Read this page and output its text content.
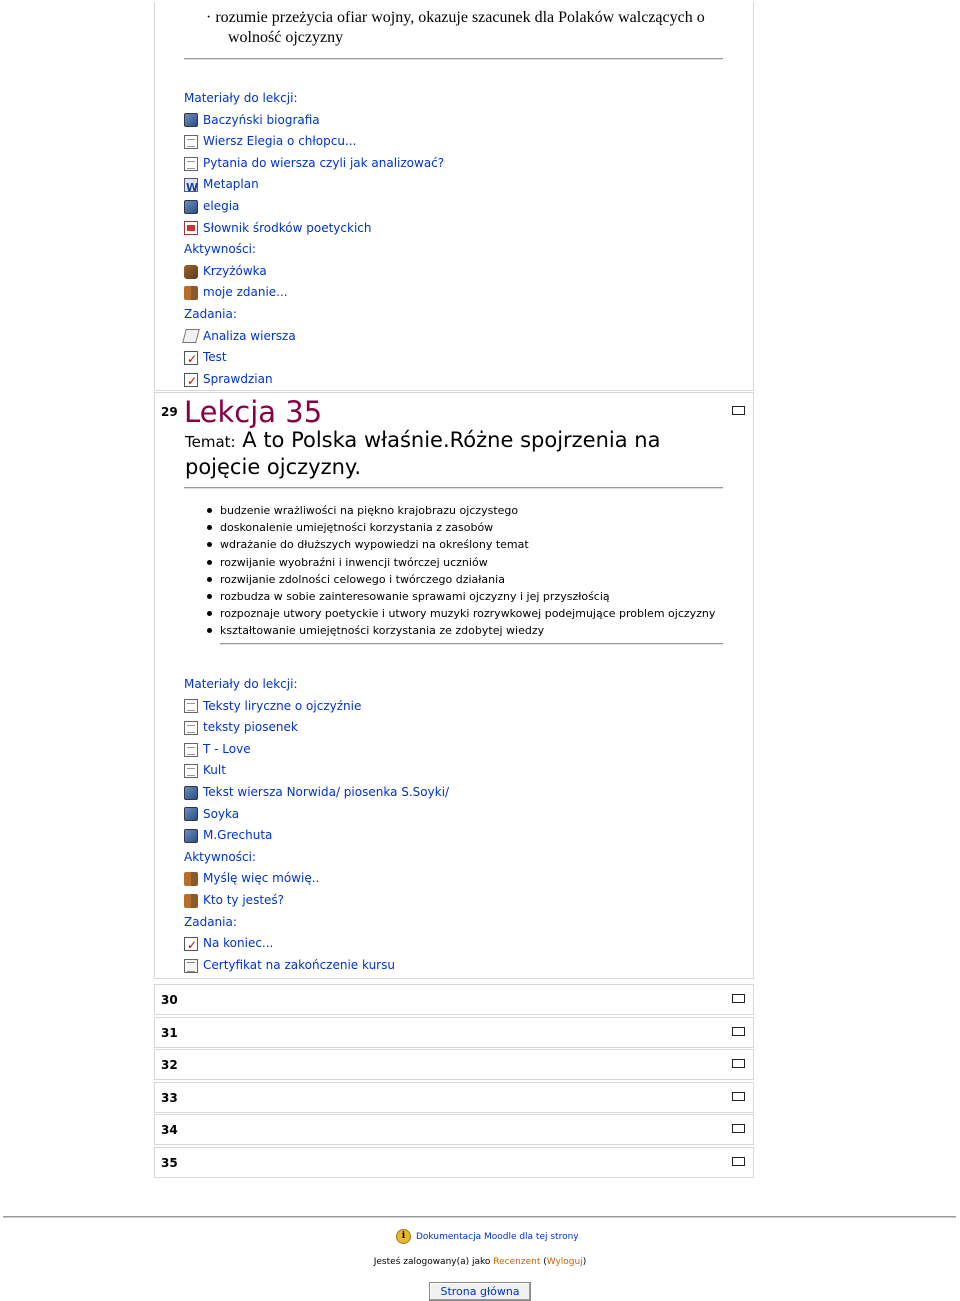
· rozumie przeżycia ofiar wojny, okazuje szacunek dla Polaków walczących o
wolność ojczyzny
Materiały do lekcji:
Baczyński biografia
Wiersz Elegia o chłopcu...
Pytania do wiersza czyli jak analizować?
W
Metaplan
elegia
Słownik środków poetyckich
Aktywności:
Krzyżówka
moje zdanie...
Zadania:
Analiza wiersza
✓
Test
✓
Sprawdzian
29 Lekcja 35
Temat: A to Polska właśnie.Różne spojrzenia na pojęcie ojczyzny.
budzenie wrażliwości na piękno krajobrazu ojczystego
doskonalenie umiejętności korzystania z zasobów
wdrażanie do dłuższych wypowiedzi na określony temat
rozwijanie wyobraźni i inwencji twórczej uczniów
rozwijanie zdolności celowego i twórczego działania
rozbudza w sobie zainteresowanie sprawami ojczyzny i jej przyszłością
rozpoznaje utwory poetyckie i utwory muzyki rozrywkowej podejmujące problem ojczyzny
kształtowanie umiejętności korzystania ze zdobytej wiedzy
Materiały do lekcji:
Teksty liryczne o ojczyźnie
teksty piosenek
T - Love
Kult
Tekst wiersza Norwida/ piosenka S.Soyki/
Soyka
M.Grechuta
Aktywności:
Myślę więc mówię..
Kto ty jesteś?
Zadania:
✓
Na koniec...
Certyfikat na zakończenie kursu
30
31
32
33
34
35
i	Dokumentacja Moodle dla tej strony
Jesteś zalogowany(a) jako Recenzent (Wyloguj)
Strona główna
